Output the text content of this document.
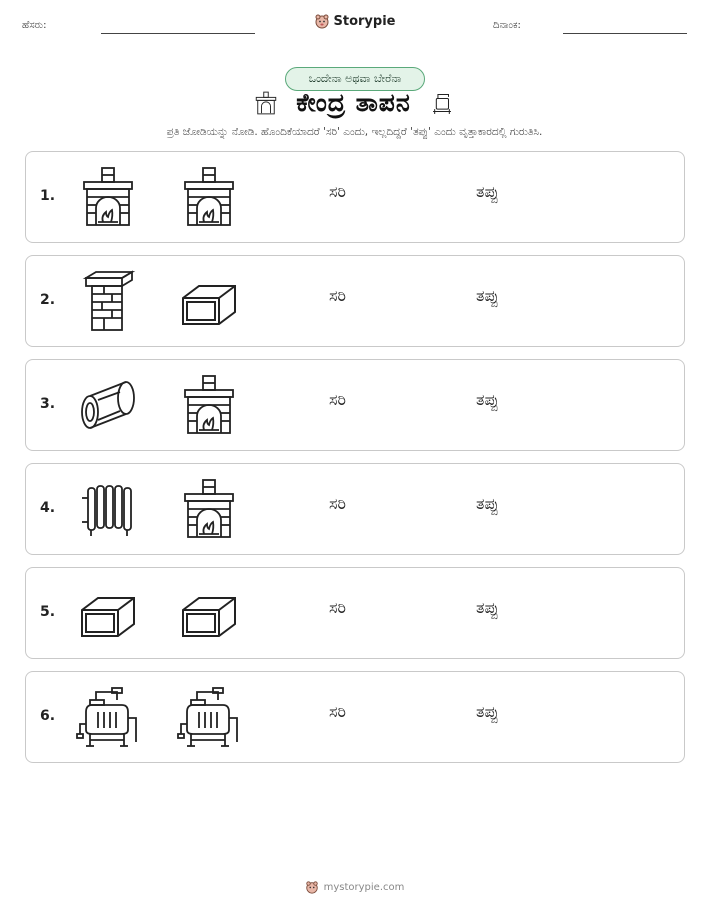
ಹೆಸರು:	Storypie	ದಿನಾಂಕ:
ಒಂದೇನಾ ಅಥವಾ ಬೇರೆನಾ
ಕೇಂದ್ರ ತಾಪನ
ಪ್ರತಿ ಜೋಡಿಯನ್ನು ನೋಡಿ. ಹೊಂದಿಕೆಯಾದರೆ 'ಸರಿ' ಎಂದು, ಇಲ್ಲದಿದ್ದರೆ 'ತಪ್ಪು' ಎಂದು ವೃತ್ತಾಕಾರದಲ್ಲಿ ಗುರುತಿಸಿ.
1.	ಸರಿ	ತಪ್ಪು
2.	ಸರಿ	ತಪ್ಪು
3.	ಸರಿ	ತಪ್ಪು
4.	ಸರಿ	ತಪ್ಪು
5.	ಸರಿ	ತಪ್ಪು
6.	ಸರಿ	ತಪ್ಪು
mystorypie.com
